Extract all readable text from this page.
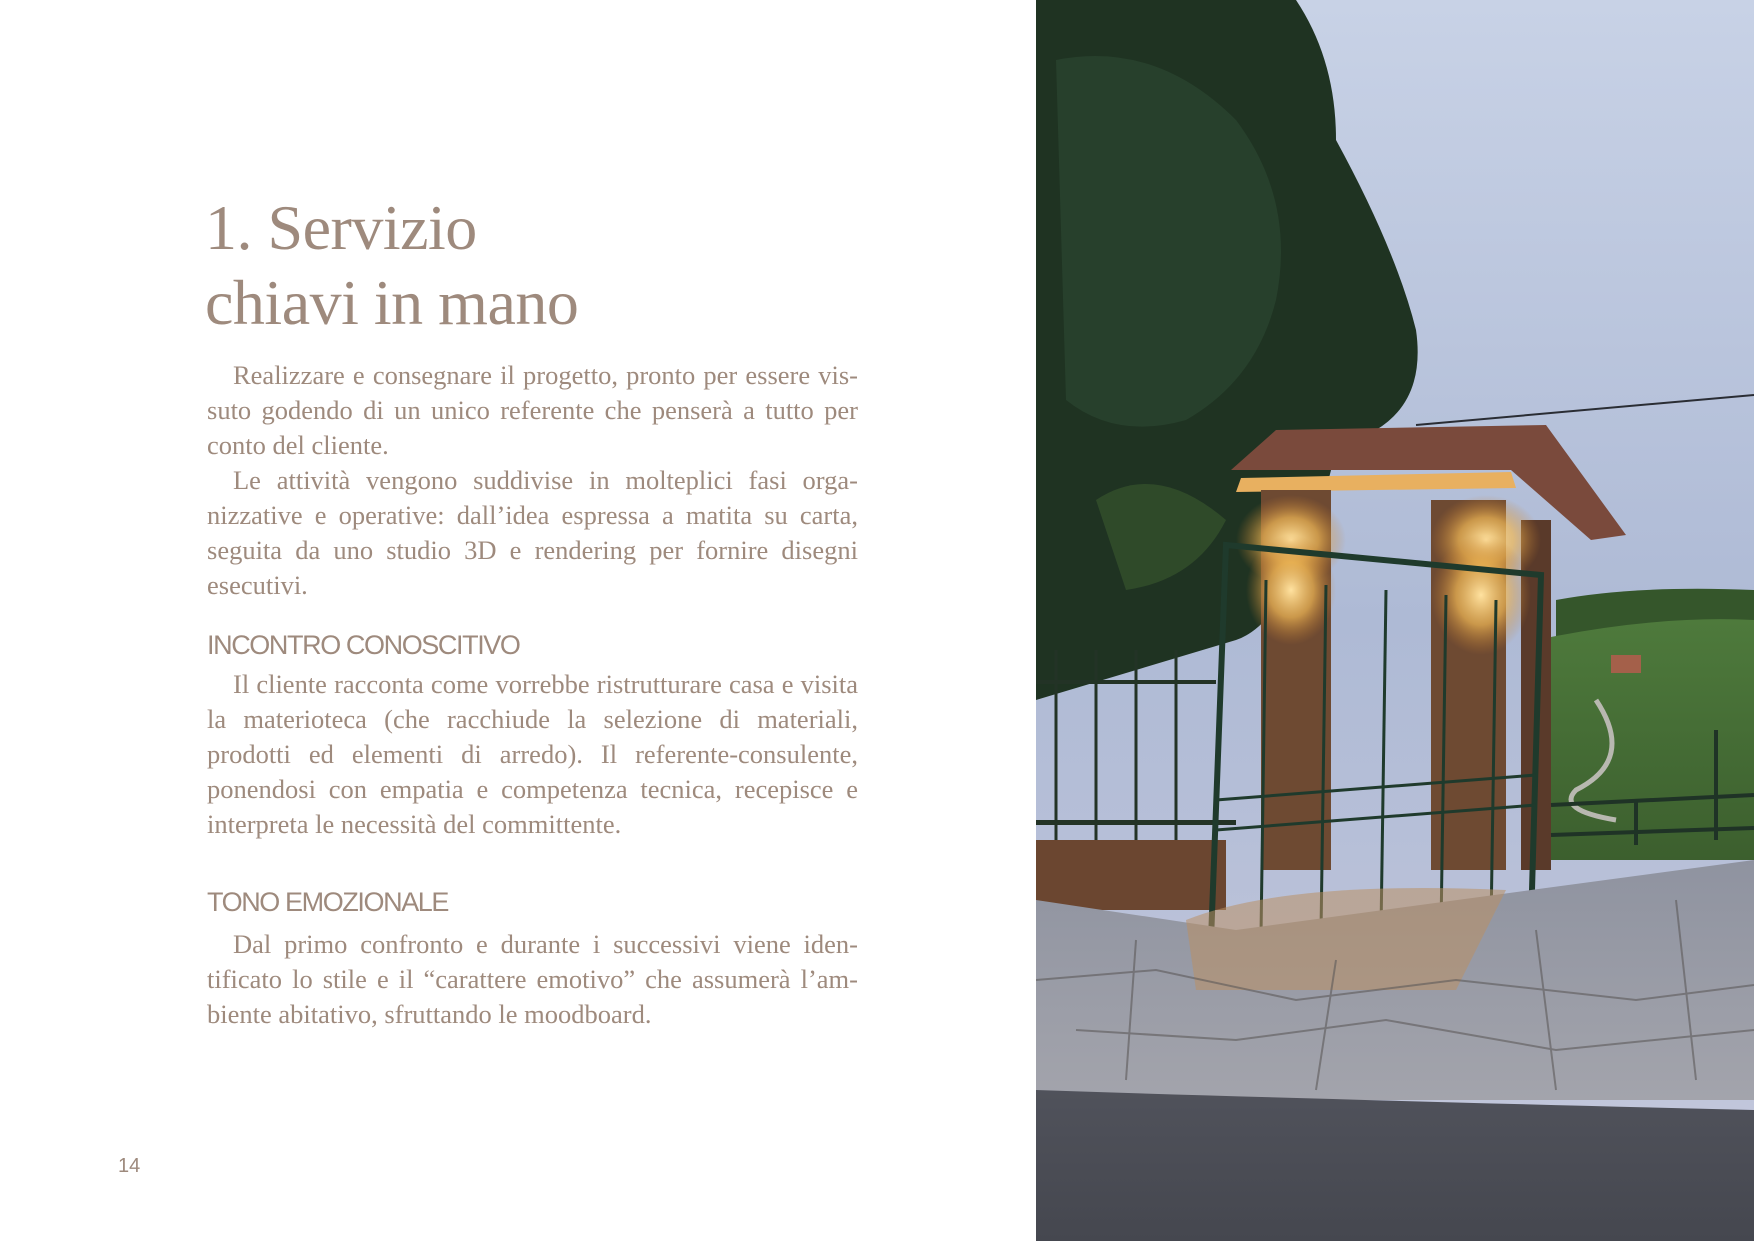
1. Servizio
chiavi in mano

Realizzare e consegnare il progetto, pronto per essere vissuto godendo di un unico referente che penserà a tutto per conto del cliente.

Le attività vengono suddivise in molteplici fasi organizzative e operative: dall’idea espressa a matita su carta, seguita da uno studio 3D e rendering per fornire disegni esecutivi.

INCONTRO CONOSCITIVO

Il cliente racconta come vorrebbe ristrutturare casa e visita la materioteca (che racchiude la selezione di materiali, prodotti ed elementi di arredo). Il referente-consulente, ponendosi con empatia e competenza tecnica, recepisce e interpreta le necessità del committente.

TONO EMOZIONALE

Dal primo confronto e durante i successivi viene identificato lo stile e il “carattere emotivo” che assumerà l’ambiente abitativo, sfruttando le moodboard.

14
